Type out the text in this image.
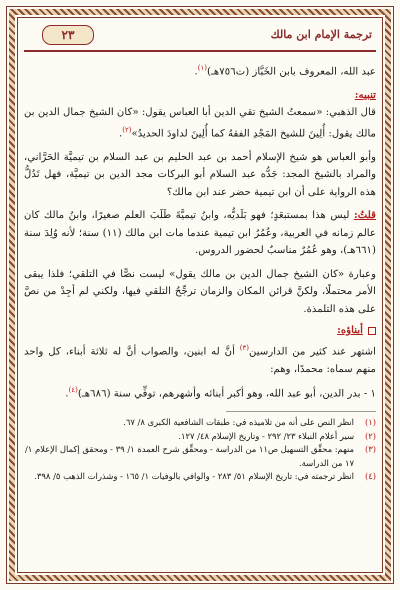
ترجمة الإمام ابن مالك
٢٣

عبد الله، المعروف بابن الخَبَّاز (ت٧٥٦هـ)$^{(١)}$.

تنبيه:

قال الذهبي: «سمعتُ الشيخ تقي الدين أبا العباس يقول: «كان الشيخ جمال الدين بن مالك يقول: أُلِينَ للشيخ المَجْدِ الفقهُ كما أُلِينَ لداودَ الحديدُ»$^{(٢)}$.

وأبو العباس هو شيخ الإسلام أحمد بن عبد الحليم بن عبد السلام بن تيميَّة الحَرَّاني، والمراد بالشيخ المجد: جَدُّه عبد السلام أبو البركات مجد الدين بن تيميَّة، فهل تَدُلُّ هذه الرواية على أن ابن تيمية حضر عند ابن مالك؟

قلتُ: ليس هذا بمستبعَدٍ؛ فهو بَلَديُّه، وابنُ تيميَّةَ طَلَبَ العلم صغيرًا، وابنُ مالك كان عالم زمانه في العربية، وعُمُرُ ابن تيمية عندما مات ابن مالك (١١) سنة؛ لأنه وُلِدَ سنة (٦٦١هـ)، وهو عُمُرٌ مناسبٌ لحضور الدروس.

وعبارة «كان الشيخ جمال الدين بن مالك يقول» ليست نصًّا في التلقي؛ فلذا يبقى الأمر محتملًا، ولكنَّ قرائن المكان والزمان ترجِّحُ التلقي فيها، ولكني لم أجِدْ من نصَّ على هذه التلمذة.

أبناؤه:

اشتهر عند كثير من الدارسين$^{(٣)}$ أنَّ له ابنين، والصواب أنَّ له ثلاثة أبناء، كل واحد منهم سماه: محمدًا، وهم:

١ - بدر الدين، أبو عبد الله، وهو أكبر أبنائه وأشهرهم، توفِّي سنة (٦٨٦هـ)$^{(٤)}$.

(١)
انظر النص على أنه من تلاميذه في: طبقات الشافعية الكبرى ٨/ ٦٧.
(٢)
سير أعلام النبلاء ٢٣/ ٢٩٢ - وتاريخ الإسلام ٤٨/ ١٢٧.
(٣)
منهم: محقِّق التسهيل ص١١ من الدراسة - ومحقِّق شرح العمدة ١/ ٣٩ - ومحقق إكمال الإعلام ١/ ١٧ من الدراسة.
(٤)
انظر ترجمته في: تاريخ الإسلام ٥١/ ٢٨٣ - والوافي بالوفيات ١/ ١٦٥ - وشذرات الذهب ٥/ ٣٩٨.
